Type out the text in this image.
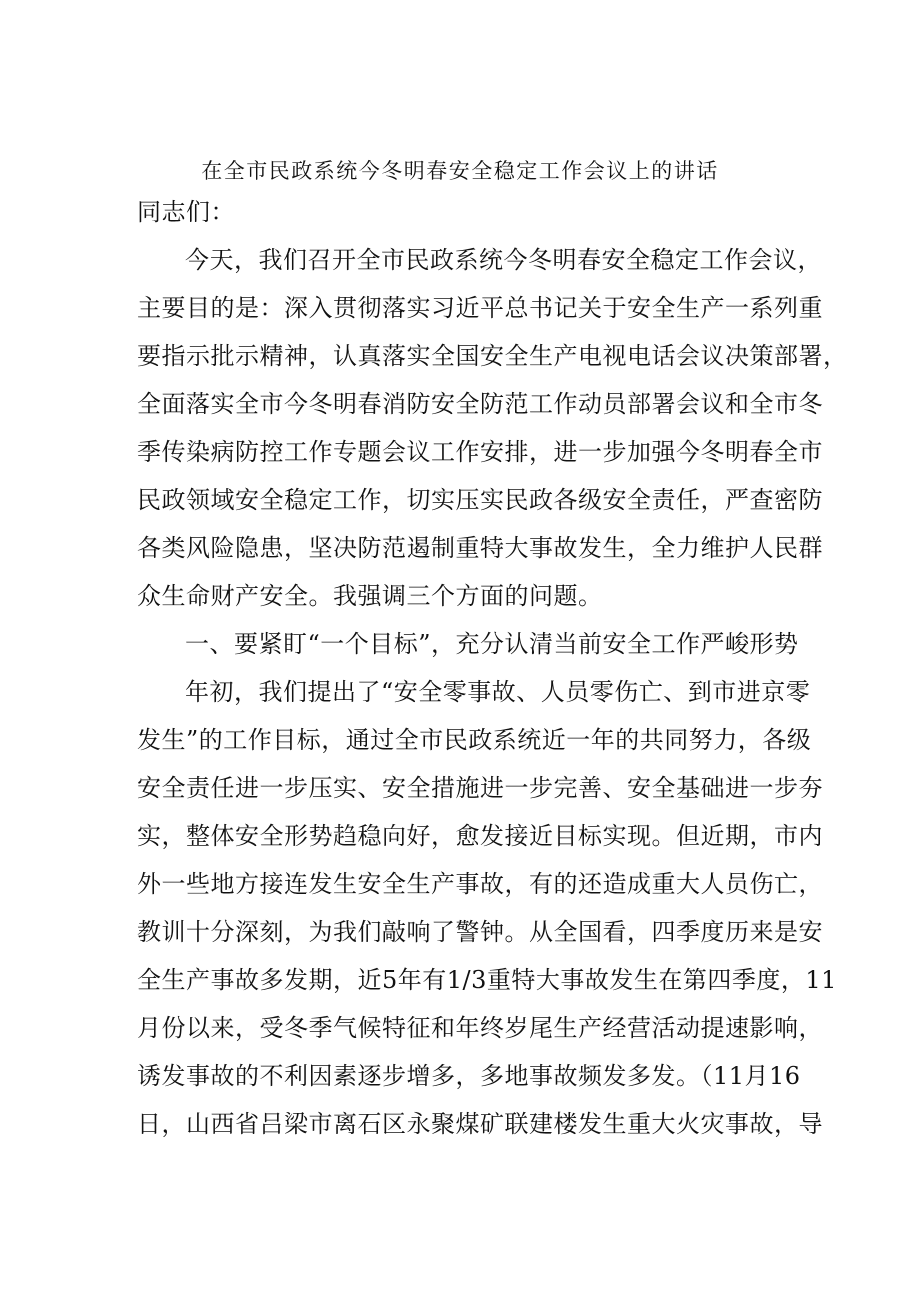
在全市民政系统今冬明春安全稳定工作会议上的讲话
同志们：
今天，我们召开全市民政系统今冬明春安全稳定工作会议，
主要目的是：深入贯彻落实习近平总书记关于安全生产一系列重
要指示批示精神，认真落实全国安全生产电视电话会议决策部署，
全面落实全市今冬明春消防安全防范工作动员部署会议和全市冬
季传染病防控工作专题会议工作安排，进一步加强今冬明春全市
民政领域安全稳定工作，切实压实民政各级安全责任，严查密防
各类风险隐患，坚决防范遏制重特大事故发生，全力维护人民群
众生命财产安全。我强调三个方面的问题。
一、要紧盯“一个目标”，充分认清当前安全工作严峻形势
年初，我们提出了“安全零事故、人员零伤亡、到市进京零
发生”的工作目标，通过全市民政系统近一年的共同努力，各级
安全责任进一步压实、安全措施进一步完善、安全基础进一步夯
实，整体安全形势趋稳向好，愈发接近目标实现。但近期，市内
外一些地方接连发生安全生产事故，有的还造成重大人员伤亡，
教训十分深刻，为我们敲响了警钟。从全国看，四季度历来是安
全生产事故多发期，近5年有1/3重特大事故发生在第四季度，11
月份以来，受冬季气候特征和年终岁尾生产经营活动提速影响，
诱发事故的不利因素逐步增多，多地事故频发多发。（11月16
日，山西省吕梁市离石区永聚煤矿联建楼发生重大火灾事故，导
